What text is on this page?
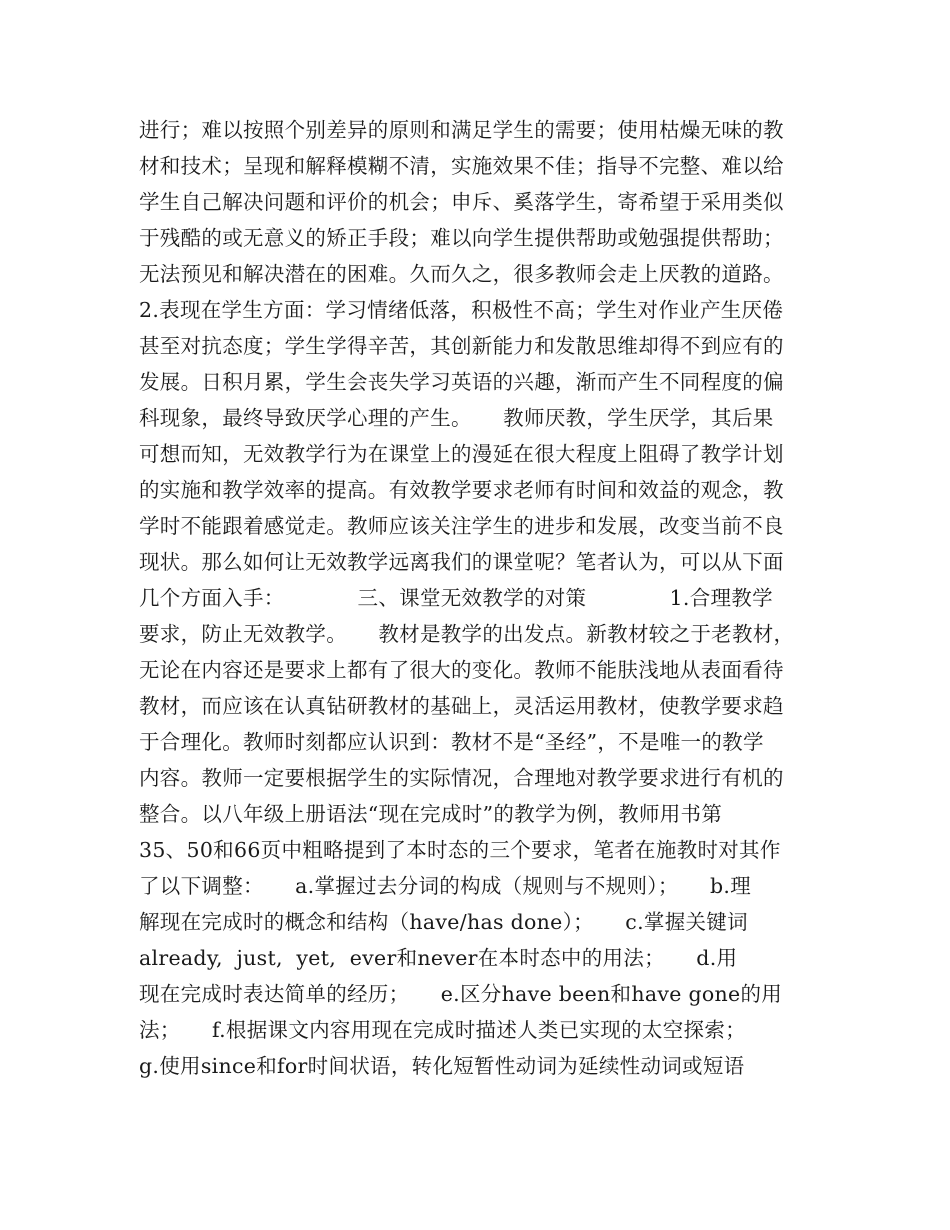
进行；难以按照个别差异的原则和满足学生的需要；使用枯燥无味的教
材和技术；呈现和解释模糊不清，实施效果不佳；指导不完整、难以给
学生自己解决问题和评价的机会；申斥、奚落学生，寄希望于采用类似
于残酷的或无意义的矫正手段；难以向学生提供帮助或勉强提供帮助；
无法预见和解决潜在的困难。久而久之，很多教师会走上厌教的道路。
2.表现在学生方面：学习情绪低落，积极性不高；学生对作业产生厌倦
甚至对抗态度；学生学得辛苦，其创新能力和发散思维却得不到应有的
发展。日积月累，学生会丧失学习英语的兴趣，渐而产生不同程度的偏
科现象，最终导致厌学心理的产生。　　教师厌教，学生厌学，其后果
可想而知，无效教学行为在课堂上的漫延在很大程度上阻碍了教学计划
的实施和教学效率的提高。有效教学要求老师有时间和效益的观念，教
学时不能跟着感觉走。教师应该关注学生的进步和发展，改变当前不良
现状。那么如何让无效教学远离我们的课堂呢？笔者认为，可以从下面
几个方面入手：　　　　三、课堂无效教学的对策　　　　1.合理教学
要求，防止无效教学。　　教材是教学的出发点。新教材较之于老教材，
无论在内容还是要求上都有了很大的变化。教师不能肤浅地从表面看待
教材，而应该在认真钻研教材的基础上，灵活运用教材，使教学要求趋
于合理化。教师时刻都应认识到：教材不是“圣经”，不是唯一的教学
内容。教师一定要根据学生的实际情况，合理地对教学要求进行有机的
整合。以八年级上册语法“现在完成时”的教学为例，教师用书第
35、50和66页中粗略提到了本时态的三个要求，笔者在施教时对其作
了以下调整：　　a.掌握过去分词的构成（规则与不规则）；　　b.理
解现在完成时的概念和结构（have/has done）；　　c.掌握关键词
already,  just,  yet,  ever和never在本时态中的用法；　　d.用
现在完成时表达简单的经历；　　e.区分have been和have gone的用
法；　　f.根据课文内容用现在完成时描述人类已实现的太空探索；
g.使用since和for时间状语，转化短暂性动词为延续性动词或短语
